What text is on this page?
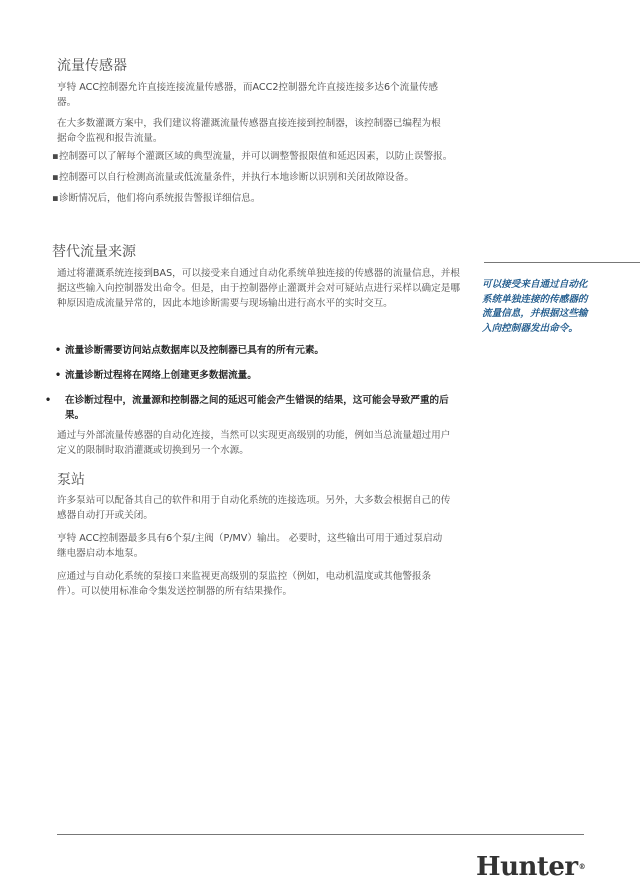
流量传感器

亨特 ACC控制器允许直接连接流量传感器，而ACC2控制器允许直接连接多达6个流量传感器。

在大多数灌溉方案中，我们建议将灌溉流量传感器直接连接到控制器，该控制器已编程为根据命令监视和报告流量。

▪控制器可以了解每个灌溉区域的典型流量，并可以调整警报限值和延迟因素，以防止误警报。

▪控制器可以自行检测高流量或低流量条件，并执行本地诊断以识别和关闭故障设备。

▪诊断情况后，他们将向系统报告警报详细信息。

替代流量来源

通过将灌溉系统连接到BAS，可以接受来自通过自动化系统单独连接的传感器的流量信息，并根据这些输入向控制器发出命令。但是，由于控制器停止灌溉并会对可疑站点进行采样以确定是哪种原因造成流量异常的，因此本地诊断需要与现场输出进行高水平的实时交互。

• 流量诊断需要访问站点数据库以及控制器已具有的所有元素。

• 流量诊断过程将在网络上创建更多数据流量。

• 在诊断过程中，流量源和控制器之间的延迟可能会产生错误的结果，这可能会导致严重的后果。

通过与外部流量传感器的自动化连接，当然可以实现更高级别的功能，例如当总流量超过用户定义的限制时取消灌溉或切换到另一个水源。

可以接受来自通过自动化系统单独连接的传感器的流量信息，并根据这些输入向控制器发出命令。

泵站

许多泵站可以配备其自己的软件和用于自动化系统的连接选项。另外，大多数会根据自己的传感器自动打开或关闭。

亨特 ACC控制器最多具有6个泵/主阀（P/MV）输出。 必要时，这些输出可用于通过泵启动继电器启动本地泵。

应通过与自动化系统的泵接口来监视更高级别的泵监控（例如，电动机温度或其他警报条件）。可以使用标准命令集发送控制器的所有结果操作。

Hunter®
